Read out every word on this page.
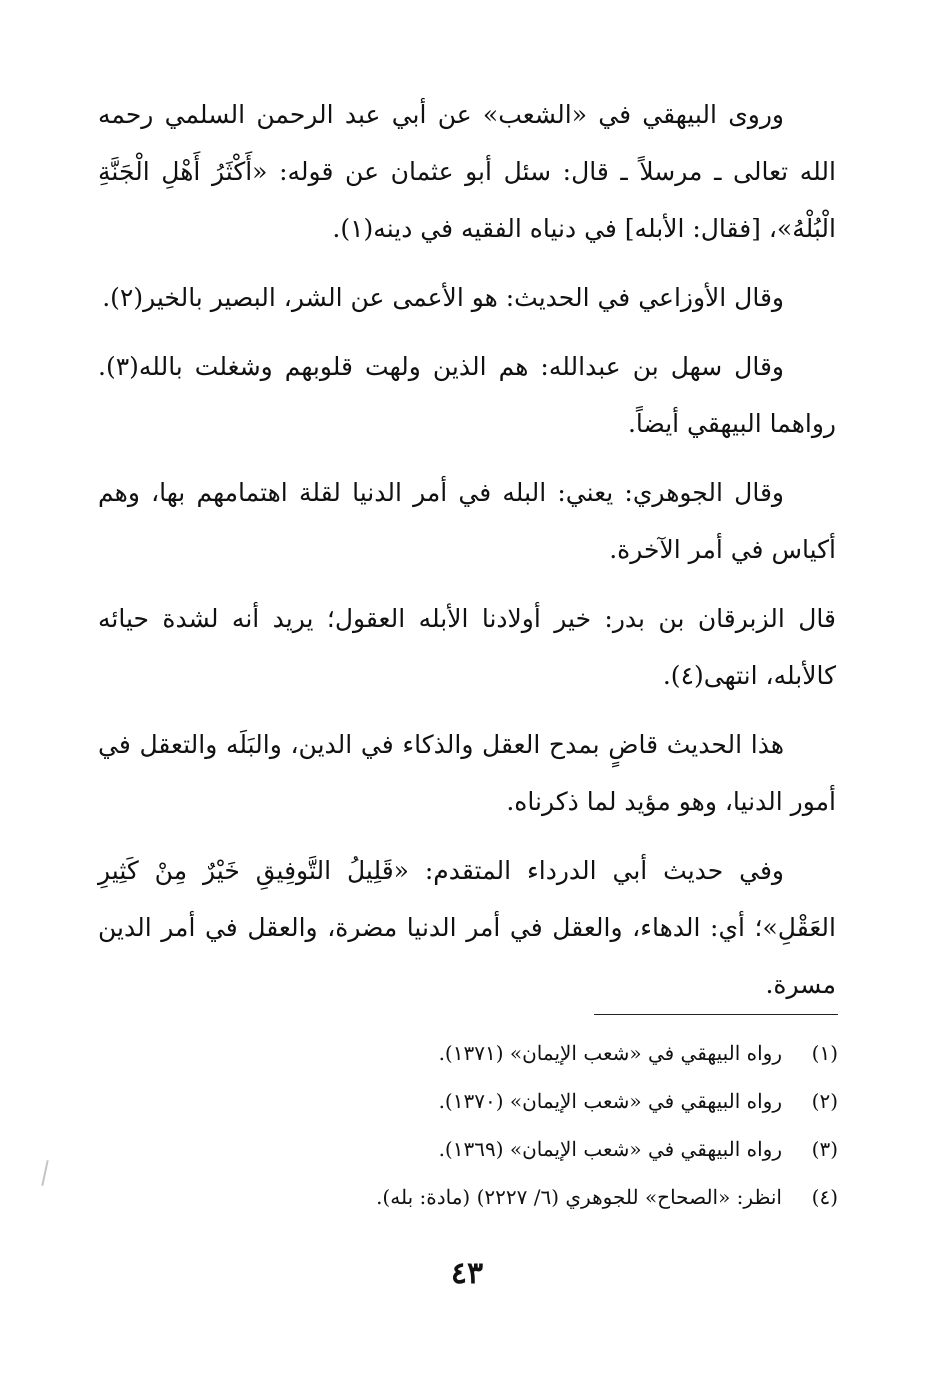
وروى البيهقي في «الشعب» عن أبي عبد الرحمن السلمي رحمه الله تعالى ـ مرسلاً ـ قال: سئل أبو عثمان عن قوله: «أَكْثَرُ أَهْلِ الْجَنَّةِ الْبُلْهُ»، [فقال: الأبله] في دنياه الفقيه في دينه(١).

وقال الأوزاعي في الحديث: هو الأعمى عن الشر، البصير بالخير(٢).

وقال سهل بن عبدالله: هم الذين ولهت قلوبهم وشغلت بالله(٣). رواهما البيهقي أيضاً.

وقال الجوهري: يعني: البله في أمر الدنيا لقلة اهتمامهم بها، وهم أكياس في أمر الآخرة.

قال الزبرقان بن بدر: خير أولادنا الأبله العقول؛ يريد أنه لشدة حيائه كالأبله، انتهى(٤).

هذا الحديث قاضٍ بمدح العقل والذكاء في الدين، والبَلَه والتعقل في أمور الدنيا، وهو مؤيد لما ذكرناه.

وفي حديث أبي الدرداء المتقدم: «قَلِيلُ التَّوفِيقِ خَيْرٌ مِنْ كَثِيرِ العَقْلِ»؛ أي: الدهاء، والعقل في أمر الدنيا مضرة، والعقل في أمر الدين مسرة.

(١)
رواه البيهقي في «شعب الإيمان» (١٣٧١).
(٢)
رواه البيهقي في «شعب الإيمان» (١٣٧٠).
(٣)
رواه البيهقي في «شعب الإيمان» (١٣٦٩).
(٤)
انظر: «الصحاح» للجوهري (٦/ ٢٢٢٧) (مادة: بله).
٤٣
